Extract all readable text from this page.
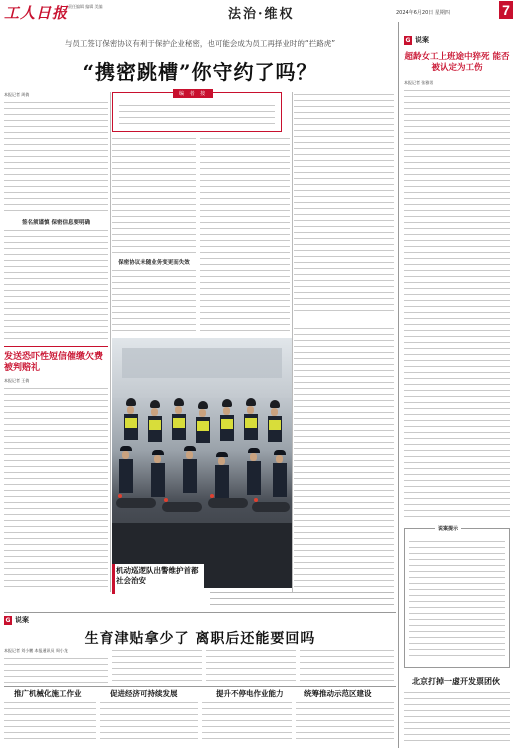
工人日报 责任编辑 编辑 美编
法治·维权	2024年6月20日 星期四	7
与员工签订保密协议有利于保护企业秘密，也可能会成为员工再择业时的“拦路虎”
“携密跳槽”你守约了吗？
本报记者 周倩
签名须谨慎 保密信息要明确
编 者 按
保密协议未随业务变更而失效
发送恐吓性短信催缴欠费被判赔礼
本报记者 王倩
机动巡逻队出警维护首都社会治安
G 说案
生育津贴拿少了 离职后还能要回吗
本报记者 刘小鹏 本报通讯员 周小龙
推广机械化施工作业	促进经济可持续发展	提升不停电作业能力	统筹推动示范区建设
G 说案
超龄女工上班途中猝死 能否被认定为工伤
本报记者 张雅男
说案提示
北京打掉一虚开发票团伙
